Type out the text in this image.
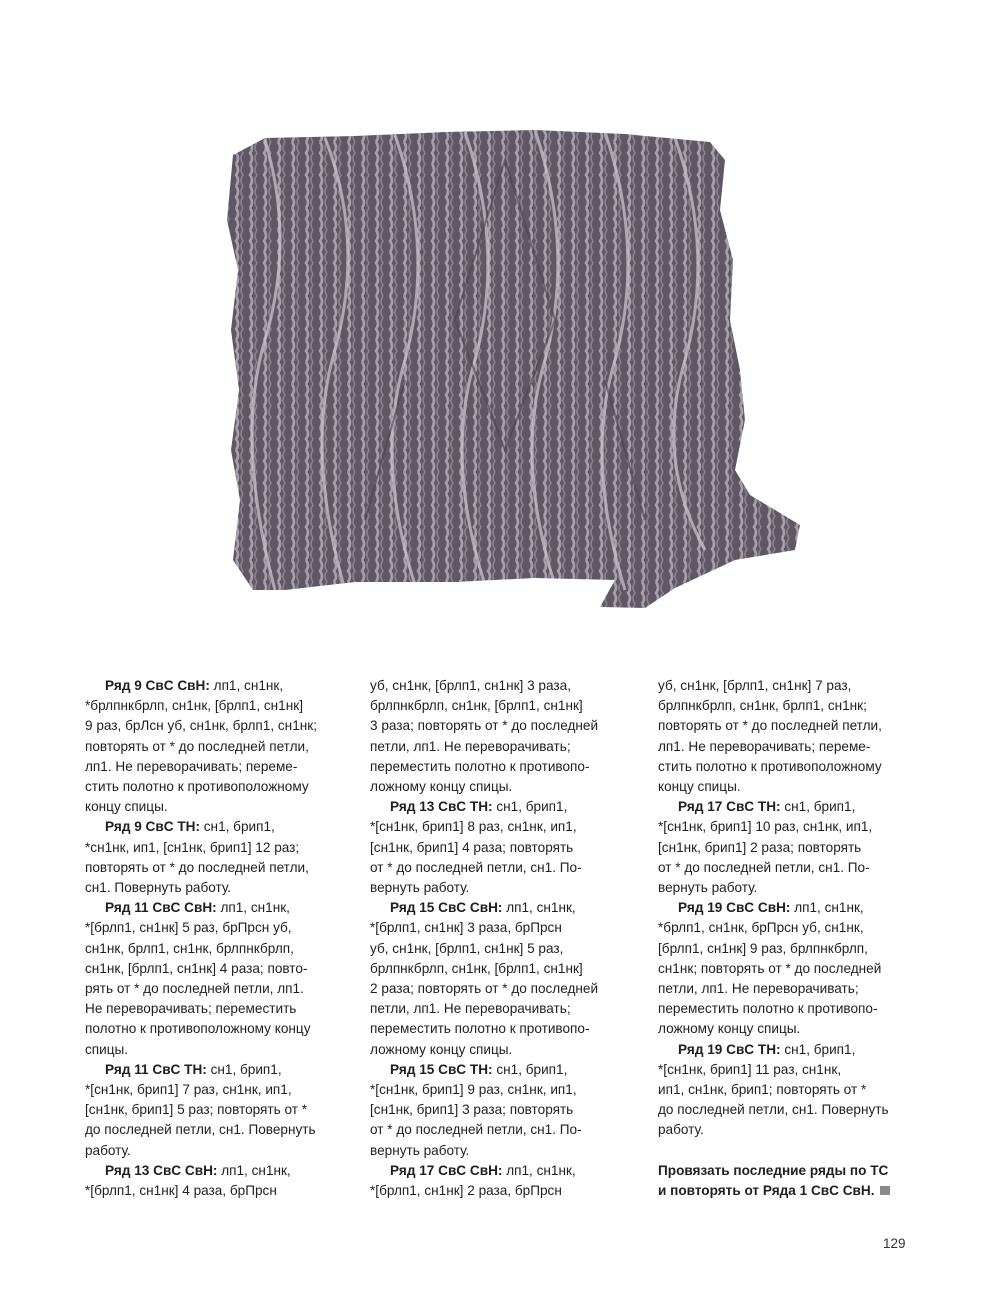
Ряд 9 СвС СвН: лп1, сн1нк,
*брлпнкбрлп, сн1нк, [брлп1, сн1нк]
9 раз, брЛсн уб, сн1нк, брлп1, сн1нк;
повторять от * до последней петли,
лп1. Не переворачивать; переме-
стить полотно к противоположному
концу спицы.

Ряд 9 СвС ТН: сн1, брип1,
*сн1нк, ип1, [сн1нк, брип1] 12 раз;
повторять от * до последней петли,
сн1. Повернуть работу.

Ряд 11 СвС СвН: лп1, сн1нк,
*[брлп1, сн1нк] 5 раз, брПрсн уб,
сн1нк, брлп1, сн1нк, брлпнкбрлп,
сн1нк, [брлп1, сн1нк] 4 раза; повто-
рять от * до последней петли, лп1.
Не переворачивать; переместить
полотно к противоположному концу
спицы.

Ряд 11 СвС ТН: сн1, брип1,
*[сн1нк, брип1] 7 раз, сн1нк, ип1,
[сн1нк, брип1] 5 раз; повторять от *
до последней петли, сн1. Повернуть
работу.

Ряд 13 СвС СвН: лп1, сн1нк,
*[брлп1, сн1нк] 4 раза, брПрсн

уб, сн1нк, [брлп1, сн1нк] 3 раза,
брлпнкбрлп, сн1нк, [брлп1, сн1нк]
3 раза; повторять от * до последней
петли, лп1. Не переворачивать;
переместить полотно к противопо-
ложному концу спицы.

Ряд 13 СвС ТН: сн1, брип1,
*[сн1нк, брип1] 8 раз, сн1нк, ип1,
[сн1нк, брип1] 4 раза; повторять
от * до последней петли, сн1. По-
вернуть работу.

Ряд 15 СвС СвН: лп1, сн1нк,
*[брлп1, сн1нк] 3 раза, брПрсн
уб, сн1нк, [брлп1, сн1нк] 5 раз,
брлпнкбрлп, сн1нк, [брлп1, сн1нк]
2 раза; повторять от * до последней
петли, лп1. Не переворачивать;
переместить полотно к противопо-
ложному концу спицы.

Ряд 15 СвС ТН: сн1, брип1,
*[сн1нк, брип1] 9 раз, сн1нк, ип1,
[сн1нк, брип1] 3 раза; повторять
от * до последней петли, сн1. По-
вернуть работу.

Ряд 17 СвС СвН: лп1, сн1нк,
*[брлп1, сн1нк] 2 раза, брПрсн

уб, сн1нк, [брлп1, сн1нк] 7 раз,
брлпнкбрлп, сн1нк, брлп1, сн1нк;
повторять от * до последней петли,
лп1. Не переворачивать; переме-
стить полотно к противоположному
концу спицы.

Ряд 17 СвС ТН: сн1, брип1,
*[сн1нк, брип1] 10 раз, сн1нк, ип1,
[сн1нк, брип1] 2 раза; повторять
от * до последней петли, сн1. По-
вернуть работу.

Ряд 19 СвС СвН: лп1, сн1нк,
*брлп1, сн1нк, брПрсн уб, сн1нк,
[брлп1, сн1нк] 9 раз, брлпнкбрлп,
сн1нк; повторять от * до последней
петли, лп1. Не переворачивать;
переместить полотно к противопо-
ложному концу спицы.

Ряд 19 СвС ТН: сн1, брип1,
*[сн1нк, брип1] 11 раз, сн1нк,
ип1, сн1нк, брип1; повторять от *
до последней петли, сн1. Повернуть
работу.

Провязать последние ряды по ТС
и повторять от Ряда 1 СвС СвН.

129
